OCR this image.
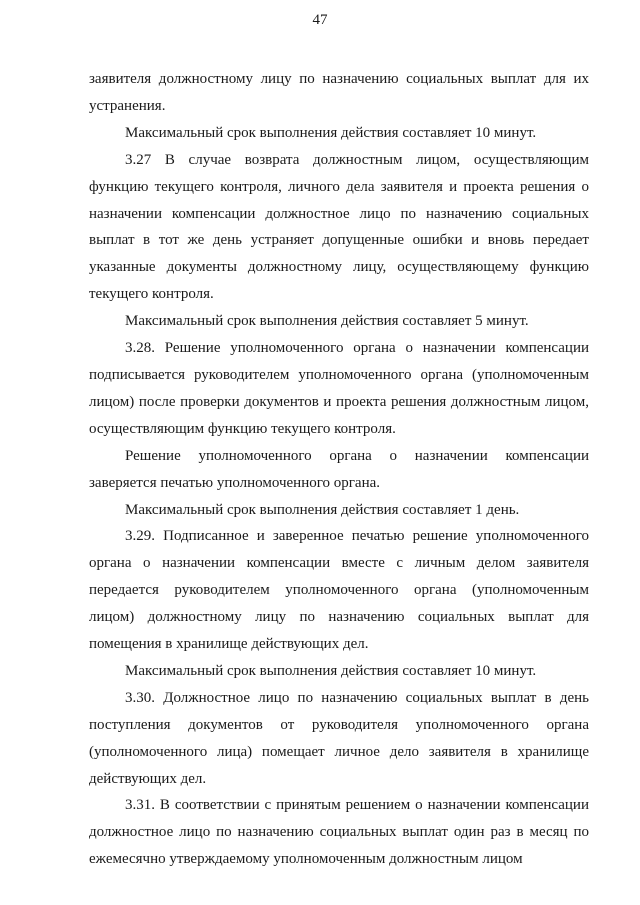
47

заявителя должностному лицу по назначению социальных выплат для их устранения.

Максимальный срок выполнения действия составляет 10 минут.

3.27 В случае возврата должностным лицом, осуществляющим функцию текущего контроля, личного дела заявителя и проекта решения о назначении компенсации должностное лицо по назначению социальных выплат в тот же день устраняет допущенные ошибки и вновь передает указанные документы должностному лицу, осуществляющему функцию текущего контроля.

Максимальный срок выполнения действия составляет 5 минут.

3.28. Решение уполномоченного органа о назначении компенсации подписывается руководителем уполномоченного органа (уполномоченным лицом) после проверки документов и проекта решения должностным лицом, осуществляющим функцию текущего контроля.

Решение уполномоченного органа о назначении компенсации заверяется печатью уполномоченного органа.

Максимальный срок выполнения действия составляет 1 день.

3.29. Подписанное и заверенное печатью решение уполномоченного органа о назначении компенсации вместе с личным делом заявителя передается руководителем уполномоченного органа (уполномоченным лицом) должностному лицу по назначению социальных выплат для помещения в хранилище действующих дел.

Максимальный срок выполнения действия составляет 10 минут.

3.30. Должностное лицо по назначению социальных выплат в день поступления документов от руководителя уполномоченного органа (уполномоченного лица) помещает личное дело заявителя в хранилище действующих дел.

3.31. В соответствии с принятым решением о назначении компенсации должностное лицо по назначению социальных выплат один раз в месяц по ежемесячно утверждаемому уполномоченным должностным лицом
